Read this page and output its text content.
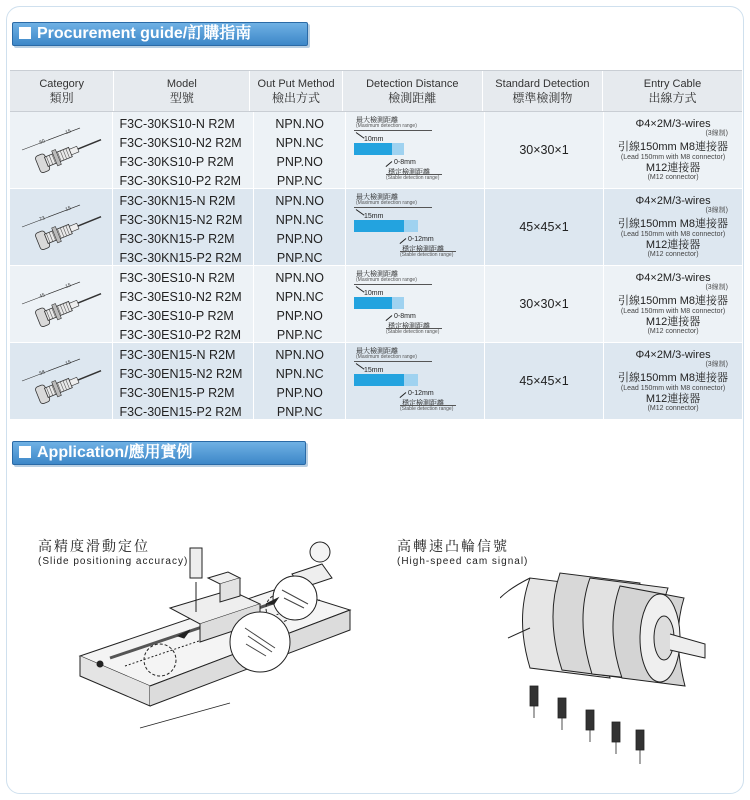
Procurement guide/訂購指南
Category
類別
Model
型號
Out Put Method
檢出方式
Detection Distance
檢測距離
Standard Detection
標準檢測物
Entry Cable
出線方式
60
15
F3C-30KS10-N R2M
F3C-30KS10-N2 R2M
F3C-30KS10-P R2M
F3C-30KS10-P2 R2M
NPN.NO
NPN.NC
PNP.NO
PNP.NC
最大檢測距離
(Maximum detection range)
10mm
0-8mm
穩定檢測距離
(Stable detection range)
30×30×1
Φ4×2M/3-wires
(3線制)
引線150mm M8連接器
(Lead 150mm with M8 connector)
M12連接器
(M12 connector)
73
15
F3C-30KN15-N R2M
F3C-30KN15-N2 R2M
F3C-30KN15-P R2M
F3C-30KN15-P2 R2M
NPN.NO
NPN.NC
PNP.NO
PNP.NC
最大檢測距離
(Maximum detection range)
15mm
0-12mm
穩定檢測距離
(Stable detection range)
45×45×1
Φ4×2M/3-wires
(3線制)
引線150mm M8連接器
(Lead 150mm with M8 connector)
M12連接器
(M12 connector)
45
15
F3C-30ES10-N R2M
F3C-30ES10-N2 R2M
F3C-30ES10-P R2M
F3C-30ES10-P2 R2M
NPN.NO
NPN.NC
PNP.NO
PNP.NC
最大檢測距離
(Maximum detection range)
10mm
0-8mm
穩定檢測距離
(Stable detection range)
30×30×1
Φ4×2M/3-wires
(3線制)
引線150mm M8連接器
(Lead 150mm with M8 connector)
M12連接器
(M12 connector)
58
15
F3C-30EN15-N R2M
F3C-30EN15-N2 R2M
F3C-30EN15-P R2M
F3C-30EN15-P2 R2M
NPN.NO
NPN.NC
PNP.NO
PNP.NC
最大檢測距離
(Maximum detection range)
15mm
0-12mm
穩定檢測距離
(Stable detection range)
45×45×1
Φ4×2M/3-wires
(3線制)
引線150mm M8連接器
(Lead 150mm with M8 connector)
M12連接器
(M12 connector)
Application/應用實例
高精度滑動定位
(Slide positioning accuracy)
高轉速凸輪信號
(High-speed cam signal)
